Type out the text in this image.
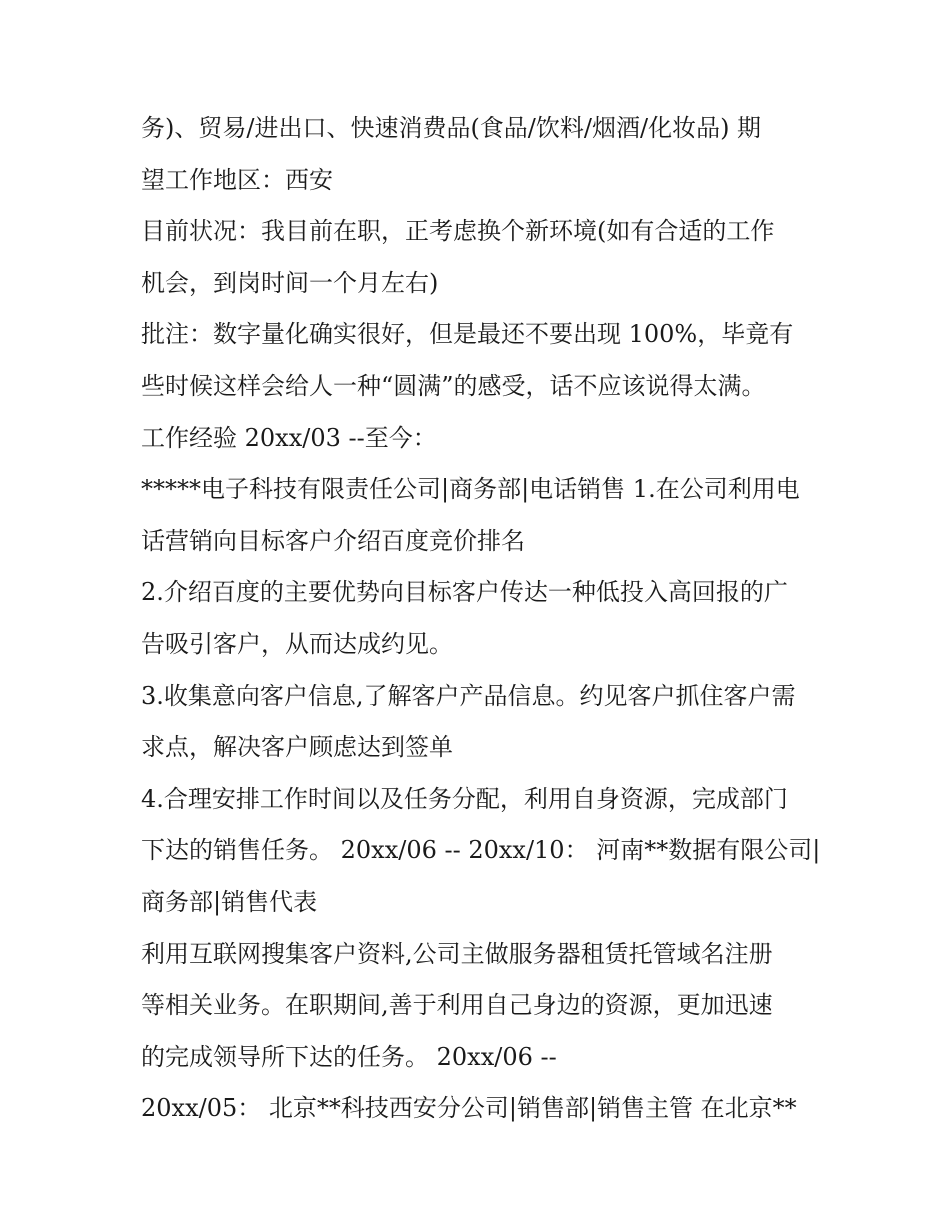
务)、贸易/进出口、快速消费品(食品/饮料/烟酒/化妆品) 期
望工作地区：西安
目前状况：我目前在职，正考虑换个新环境(如有合适的工作
机会，到岗时间一个月左右)
批注：数字量化确实很好，但是最还不要出现 100%，毕竟有
些时候这样会给人一种“圆满”的感受，话不应该说得太满。
工作经验 20xx/03 --至今：
*****电子科技有限责任公司|商务部|电话销售 1.在公司利用电
话营销向目标客户介绍百度竞价排名
2.介绍百度的主要优势向目标客户传达一种低投入高回报的广
告吸引客户，从而达成约见。
3.收集意向客户信息,了解客户产品信息。约见客户抓住客户需
求点，解决客户顾虑达到签单
4.合理安排工作时间以及任务分配，利用自身资源，完成部门
下达的销售任务。 20xx/06 -- 20xx/10： 河南**数据有限公司|
商务部|销售代表
利用互联网搜集客户资料,公司主做服务器租赁托管域名注册
等相关业务。在职期间,善于利用自己身边的资源，更加迅速
的完成领导所下达的任务。 20xx/06 --
20xx/05： 北京**科技西安分公司|销售部|销售主管 在北京**
